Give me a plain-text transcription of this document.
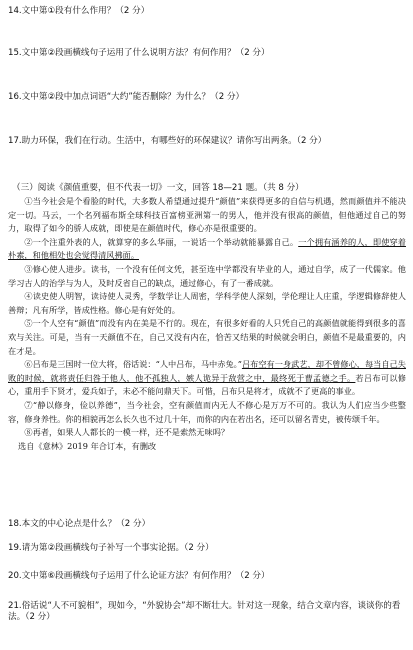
14.文中第①段有什么作用？（2 分）
15.文中第②段画横线句子运用了什么说明方法？有何作用？（2 分）
16.文中第②段中加点词语“大约”能否删除？为什么？（2 分）
17.助力环保，我们在行动。生活中，有哪些好的环保建议？请你写出两条。（2 分）
（三）阅读《颜值重要，但不代表一切》一文，回答 18—21 题。（共 8 分）

①当今社会是个看脸的时代，大多数人希望通过提升“颜值”来获得更多的自信与机遇，然而颜值并不能决定一切。马云，一个名列福布斯全球科技百富榜亚洲第一的男人，他并没有很高的颜值，但他通过自己的努力，取得了如今的骄人成就，即使是在颜值时代，修心亦是很重要的。

②一个注重外表的人，就算穿的多么华丽，一说话一个举动就能暴露自己。一个拥有涵养的人，即使穿着朴素，和他相处也会觉得清风拂面。

③修心使人进步。读书，一个没有任何文凭，甚至连中学都没有毕业的人，通过自学，成了一代儒家。他学习古人的治学与为人，及时反省自己的缺点，通过修心，有了一番成就。

④读史使人明智，读诗使人灵秀，学数学让人周密，学科学使人深刻，学伦理让人庄重，学逻辑修辞使人善辩；凡有所学，皆成性格。修心是有好处的。

⑤一个人空有“颜值”而没有内在美是不行的。现在，有很多好看的人只凭自己的高颜值就能得到很多的喜欢与关注。可是，当有一天颜值不在，自己又没有内在，恰苦又结果的时候就会明白，颜值不是最重要的，内在才是。

⑥吕布是三国时一位大将，俗话说：“人中吕布，马中赤兔。”吕布空有一身武艺，却不曾修心，每当自己失败的时候，就将责任归咎于他人，他不孤独人，嫉人诡异于敌营之中，最终死于曹孟德之手。若吕布可以修心，重用手下贤才，爱兵如子，未必不能问鼎天下。可惜，吕布只是将才，成就不了更高的事业。

⑦“静以修身，俭以养德”，当今社会，空有颜值而内无人不修心是万万不可的。我认为人们应当少些整容，修身养性。你的相貌再怎么长久也不过几十年，而你的内在若出名，还可以留名青史，被传颂千年。

⑧再者，如果人人都长的一模一样，还不是索然无味吗？

选自《意林》2019 年合订本，有删改

18.本文的中心论点是什么？（2 分）
19.请为第②段画横线句子补写一个事实论据。（2 分）
20.文中第⑥段画横线句子运用了什么论证方法？有何作用？（2 分）
21.俗话说“人不可貌相”，现如今，“外貌协会”却不断壮大。针对这一现象，结合文章内容，谈谈你的看法。（2 分）
